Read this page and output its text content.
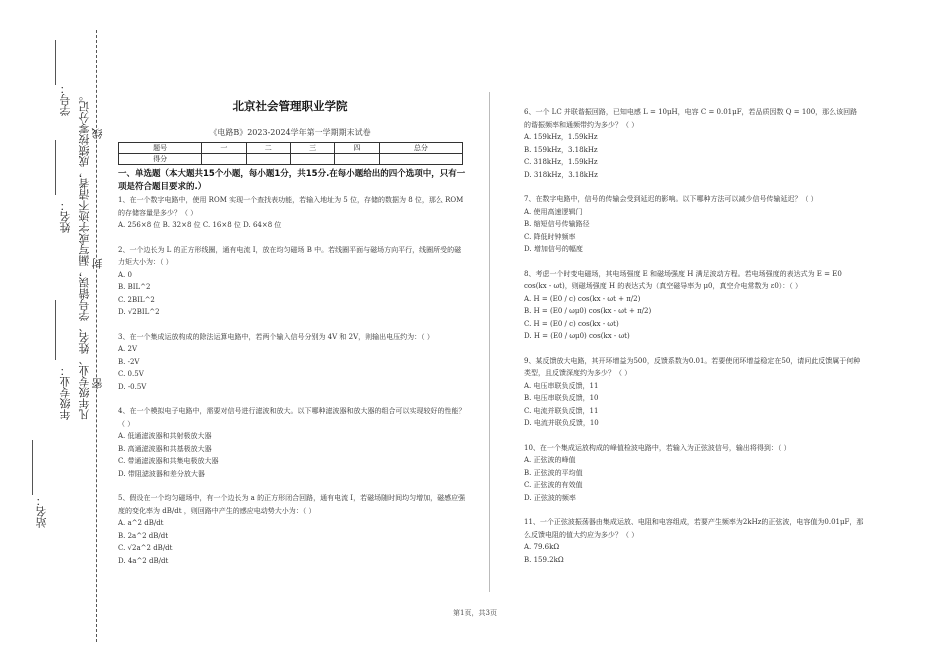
站名：
学号：
姓名：
年级专业： 凡年级专业、姓名、学号错误，漏写或字迹不清者，成绩按零分记。 线
封
密
北京社会管理职业学院
《电路B》2023-2024学年第一学期期末试卷
题号	一	二	三	四	总分
得分					
一、单选题（本大题共15个小题，每小题1分，共15分.在每小题给出的四个选项中，只有一项是符合题目要求的.）

1、在一个数字电路中，使用 ROM 实现一个查找表功能，若输入地址为 5 位，存储的数据为 8 位，那么 ROM 的存储容量是多少？（ ）

A. 256×8 位 B. 32×8 位 C. 16×8 位 D. 64×8 位

2、一个边长为 L 的正方形线圈，通有电流 I，放在均匀磁场 B 中。若线圈平面与磁场方向平行，线圈所受的磁力矩大小为：（ ）

A. 0

B. BIL^2

C. 2BIL^2

D. √2BIL^2

3、在一个集成运放构成的除法运算电路中，若两个输入信号分别为 4V 和 2V，则输出电压约为：（ ）

A. 2V

B. -2V

C. 0.5V

D. -0.5V

4、在一个模拟电子电路中，需要对信号进行滤波和放大。以下哪种滤波器和放大器的组合可以实现较好的性能？（ ）

A. 低通滤波器和共射极放大器

B. 高通滤波器和共基极放大器

C. 带通滤波器和共集电极放大器

D. 带阻滤波器和差分放大器

5、假设在一个均匀磁场中，有一个边长为 a 的正方形闭合回路，通有电流 I，若磁场随时间均匀增加，磁感应强度的变化率为 dB/dt ，则回路中产生的感应电动势大小为：（ ）

A. a^2 dB/dt

B. 2a^2 dB/dt

C. √2a^2 dB/dt

D. 4a^2 dB/dt

6、一个 LC 并联谐振回路，已知电感 L = 10μH，电容 C = 0.01μF，若品质因数 Q = 100，那么该回路的谐振频率和通频带约为多少？（ ）

A. 159kHz，1.59kHz

B. 159kHz，3.18kHz

C. 318kHz，1.59kHz

D. 318kHz，3.18kHz

7、在数字电路中，信号的传输会受到延迟的影响。以下哪种方法可以减少信号传输延迟？（ ）

A. 使用高速逻辑门

B. 缩短信号传输路径

C. 降低时钟频率

D. 增加信号的幅度

8、考虑一个时变电磁场，其电场强度 E 和磁场强度 H 满足波动方程。若电场强度的表达式为 E = E0 cos(kx - ωt)，则磁场强度 H 的表达式为（真空磁导率为 μ0，真空介电常数为 ε0）：（ ）

A. H = (E0 / c) cos(kx - ωt + π/2)

B. H = (E0 / ωμ0) cos(kx - ωt + π/2)

C. H = (E0 / c) cos(kx - ωt)

D. H = (E0 / ωμ0) cos(kx - ωt)

9、某反馈放大电路，其开环增益为500，反馈系数为0.01。若要使闭环增益稳定在50，请问此反馈属于何种类型，且反馈深度约为多少？（ ）

A. 电压串联负反馈，11

B. 电压串联负反馈，10

C. 电流并联负反馈，11

D. 电流并联负反馈，10

10、在一个集成运放构成的峰值检波电路中，若输入为正弦波信号，输出将得到：（ ）

A. 正弦波的峰值

B. 正弦波的平均值

C. 正弦波的有效值

D. 正弦波的频率

11、一个正弦波振荡器由集成运放、电阻和电容组成，若要产生频率为2kHz的正弦波，电容值为0.01μF，那么反馈电阻的值大约应为多少？（ ）

A. 79.6kΩ

B. 159.2kΩ

第1页，共3页
